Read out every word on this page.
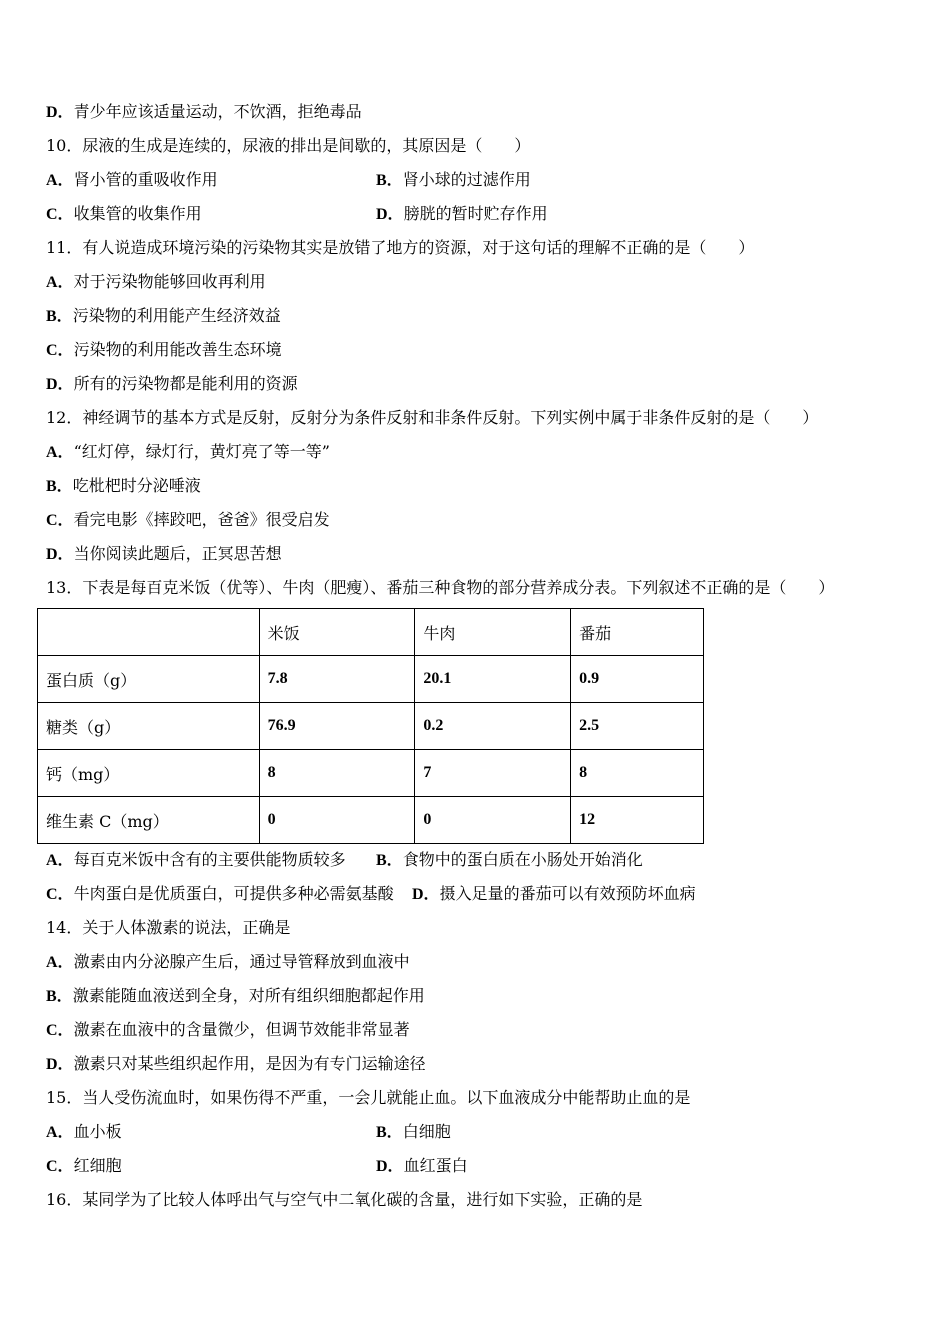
D．青少年应该适量运动，不饮酒，拒绝毒品
10．尿液的生成是连续的，尿液的排出是间歇的，其原因是（　　）
A．肾小管的重吸收作用	B．肾小球的过滤作用
C．收集管的收集作用	D．膀胱的暂时贮存作用
11．有人说造成环境污染的污染物其实是放错了地方的资源，对于这句话的理解不正确的是（　　）
A．对于污染物能够回收再利用
B．污染物的利用能产生经济效益
C．污染物的利用能改善生态环境
D．所有的污染物都是能利用的资源
12．神经调节的基本方式是反射，反射分为条件反射和非条件反射。下列实例中属于非条件反射的是（　　）
A．“红灯停，绿灯行，黄灯亮了等一等”
B．吃枇杷时分泌唾液
C．看完电影《摔跤吧，爸爸》很受启发
D．当你阅读此题后，正冥思苦想
13．下表是每百克米饭（优等）、牛肉（肥瘦）、番茄三种食物的部分营养成分表。下列叙述不正确的是（　　）
	米饭	牛肉	番茄
蛋白质（g）	7.8	20.1	0.9
糖类（g）	76.9	0.2	2.5
钙（mg）	8	7	8
维生素 C（mg）	0	0	12
A．每百克米饭中含有的主要供能物质较多 B．食物中的蛋白质在小肠处开始消化
C．牛肉蛋白是优质蛋白，可提供多种必需氨基酸 D．摄入足量的番茄可以有效预防坏血病
14．关于人体激素的说法，正确是
A．激素由内分泌腺产生后，通过导管释放到血液中
B．激素能随血液送到全身，对所有组织细胞都起作用
C．激素在血液中的含量微少，但调节效能非常显著
D．激素只对某些组织起作用，是因为有专门运输途径
15．当人受伤流血时，如果伤得不严重，一会儿就能止血。以下血液成分中能帮助止血的是
A．血小板	B．白细胞
C．红细胞	D．血红蛋白
16．某同学为了比较人体呼出气与空气中二氧化碳的含量，进行如下实验，正确的是
